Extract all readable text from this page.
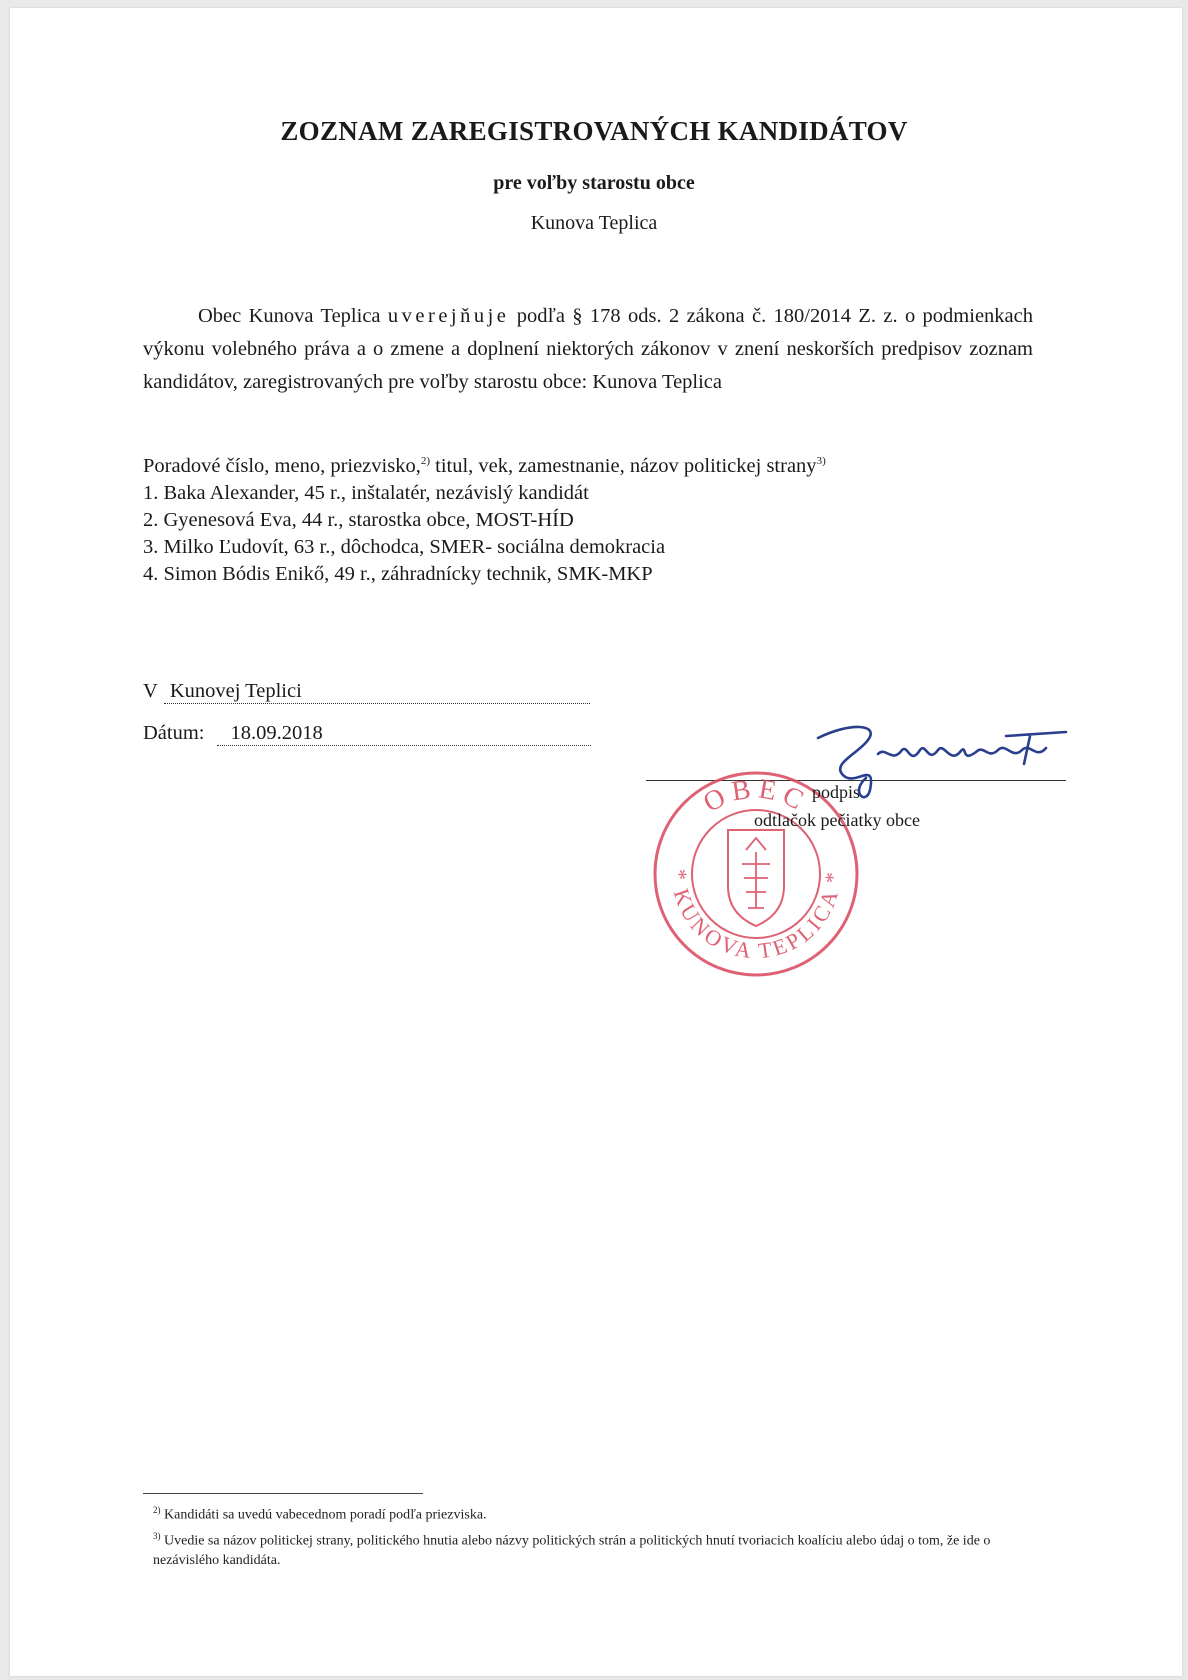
ZOZNAM ZAREGISTROVANÝCH KANDIDÁTOV
pre voľby starostu obce
Kunova Teplica
Obec Kunova Teplica uverejňuje podľa § 178 ods. 2 zákona č. 180/2014 Z. z. o podmienkach výkonu volebného práva a o zmene a doplnení niektorých zákonov v znení neskorších predpisov zoznam kandidátov, zaregistrovaných pre voľby starostu obce: Kunova Teplica
Poradové číslo, meno, priezvisko,$^{2)}$ titul, vek, zamestnanie, názov politickej strany$^{3)}$
1. Baka Alexander, 45 r., inštalatér, nezávislý kandidát
2. Gyenesová Eva, 44 r., starostka obce, MOST-HÍD
3. Milko Ľudovít, 63 r., dôchodca, SMER- sociálna demokracia
4. Simon Bódis Enikő, 49 r., záhradnícky technik, SMK-MKP
V Kunovej Teplici
Dátum: 18.09.2018
OBEC
* KUNOVA TEPLICA *
podpis
odtlačok pečiatky obce
$^{2)}$ Kandidáti sa uvedú vabecednom poradí podľa priezviska.
$^{3)}$ Uvedie sa názov politickej strany, politického hnutia alebo názvy politických strán a politických hnutí tvoriacich koalíciu alebo údaj o tom, že ide o nezávislého kandidáta.
